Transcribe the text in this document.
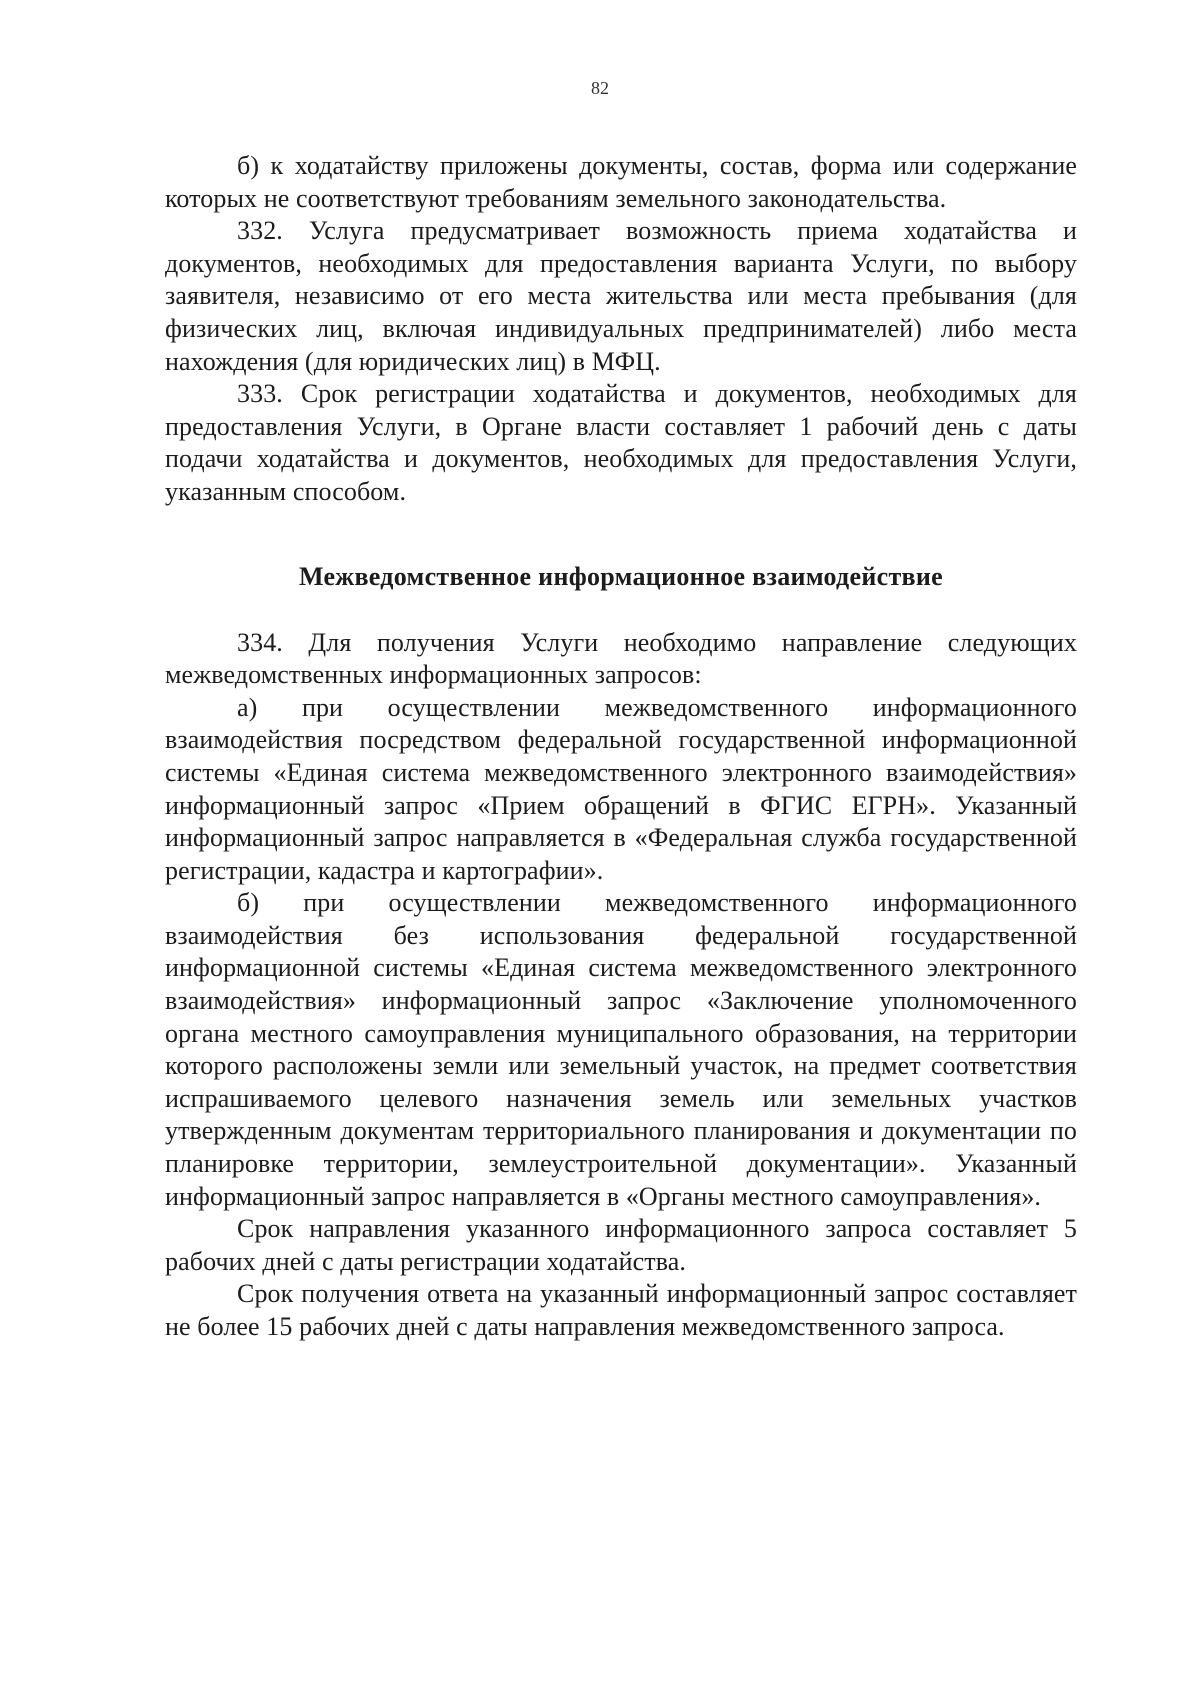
82

б) к ходатайству приложены документы, состав, форма или содержание которых не соответствуют требованиям земельного законодательства.

332. Услуга предусматривает возможность приема ходатайства и документов, необходимых для предоставления варианта Услуги, по выбору заявителя, независимо от его места жительства или места пребывания (для физических лиц, включая индивидуальных предпринимателей) либо места нахождения (для юридических лиц) в МФЦ.

333. Срок регистрации ходатайства и документов, необходимых для предоставления Услуги, в Органе власти составляет 1 рабочий день с даты подачи ходатайства и документов, необходимых для предоставления Услуги, указанным способом.

Межведомственное информационное взаимодействие

334. Для получения Услуги необходимо направление следующих межведомственных информационных запросов:

а) при осуществлении межведомственного информационного взаимодействия посредством федеральной государственной информационной системы «Единая система межведомственного электронного взаимодействия» информационный запрос «Прием обращений в ФГИС ЕГРН». Указанный информационный запрос направляется в «Федеральная служба государственной регистрации, кадастра и картографии».

б) при осуществлении межведомственного информационного взаимодействия без использования федеральной государственной информационной системы «Единая система межведомственного электронного взаимодействия» информационный запрос «Заключение уполномоченного органа местного самоуправления муниципального образования, на территории которого расположены земли или земельный участок, на предмет соответствия испрашиваемого целевого назначения земель или земельных участков утвержденным документам территориального планирования и документации по планировке территории, землеустроительной документации». Указанный информационный запрос направляется в «Органы местного самоуправления».

Срок направления указанного информационного запроса составляет 5 рабочих дней с даты регистрации ходатайства.

Срок получения ответа на указанный информационный запрос составляет не более 15 рабочих дней с даты направления межведомственного запроса.
